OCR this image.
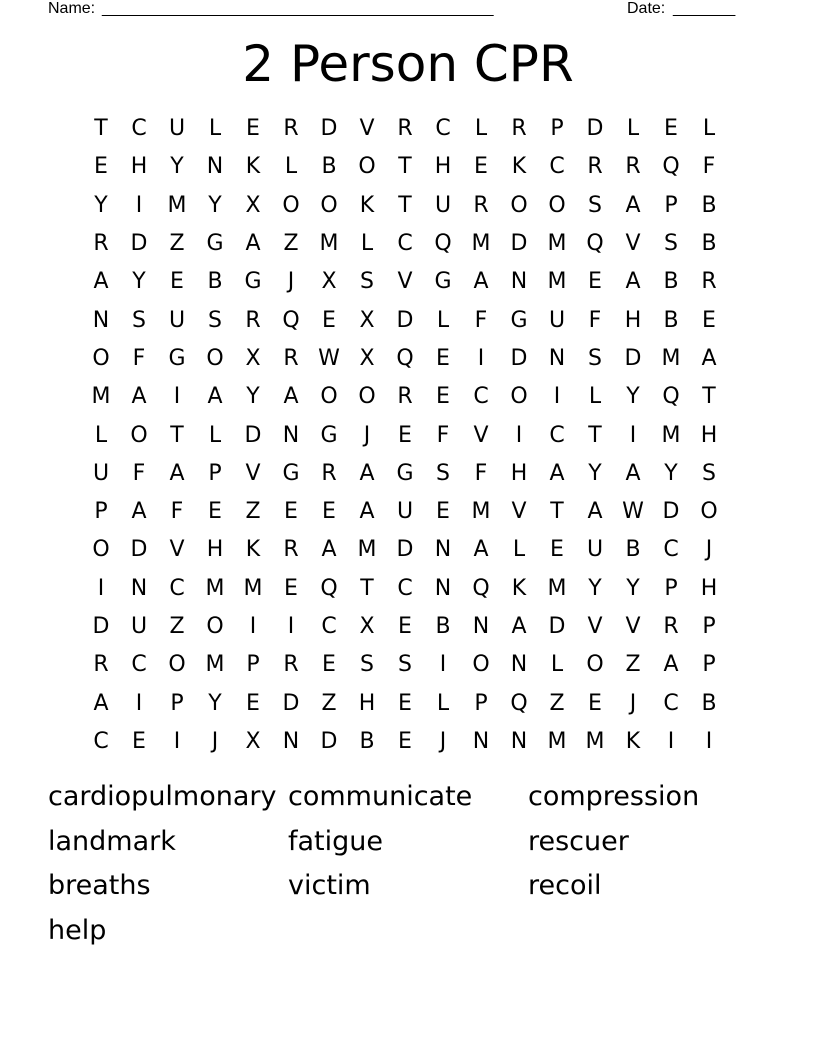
Name: ____________________________________________	Date: _______
2 Person CPR
T	C	U	L	E	R D	V	R	C	L	R	P	D	L	E	L
E	H	Y	N	K	L	B O	T	H	E	K	C	R	R Q	F
Y	I	M Y	X O O	K	T	U	R O O	S	A	P	B
R D Z G A	Z M	L	C Q M D M Q V	S	B
A	Y	E	B G	J	X	S	V G A	N M E	A	B	R
N	S	U	S	R Q	E	X D	L	F	G U	F	H	B	E
O	F	G O X	R W X Q	E	I	D N	S	D M A
M A	I	A	Y	A O O R	E	C O	I	L	Y	Q	T
L	O	T	L	D N G	J	E	F	V	I	C	T	I	M H
U	F	A	P	V G R	A G	S	F	H	A	Y	A	Y	S
P	A	F	E	Z	E	E	A	U	E M V	T	A W D O
O D	V	H	K	R	A M D N	A	L	E	U	B	C	J
I	N	C M M E	Q	T	C	N Q	K M Y	Y	P	H
D U	Z O	I	I	C	X	E	B	N	A D	V	V	R	P
R	C O M P	R	E	S	S	I	O N	L	O Z	A	P
A	I	P	Y	E	D Z	H	E	L	P	Q Z	E	J	C	B
C	E	I	J	X	N D B	E	J	N N M M K	I	I
cardiopulmonary communicate	compression
landmark	fatigue	rescuer
breaths	victim	recoil
help
